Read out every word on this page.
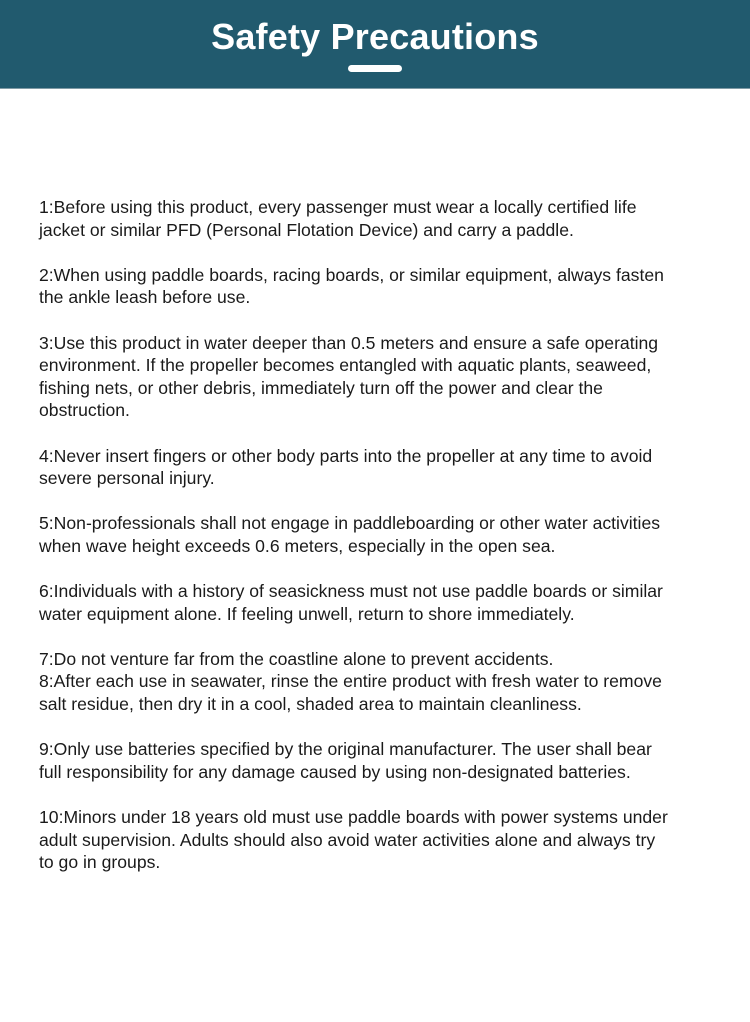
Safety Precautions

1:Before using this product, every passenger must wear a locally certified life
jacket or similar PFD (Personal Flotation Device) and carry a paddle.

2:When using paddle boards, racing boards, or similar equipment, always fasten
the ankle leash before use.

3:Use this product in water deeper than 0.5 meters and ensure a safe operating
environment. If the propeller becomes entangled with aquatic plants, seaweed,
fishing nets, or other debris, immediately turn off the power and clear the
obstruction.

4:Never insert fingers or other body parts into the propeller at any time to avoid
severe personal injury.

5:Non-professionals shall not engage in paddleboarding or other water activities
when wave height exceeds 0.6 meters, especially in the open sea.

6:Individuals with a history of seasickness must not use paddle boards or similar
water equipment alone. If feeling unwell, return to shore immediately.

7:Do not venture far from the coastline alone to prevent accidents.

8:After each use in seawater, rinse the entire product with fresh water to remove
salt residue, then dry it in a cool, shaded area to maintain cleanliness.

9:Only use batteries specified by the original manufacturer. The user shall bear
full responsibility for any damage caused by using non-designated batteries.

10:Minors under 18 years old must use paddle boards with power systems under
adult supervision. Adults should also avoid water activities alone and always try
to go in groups.
